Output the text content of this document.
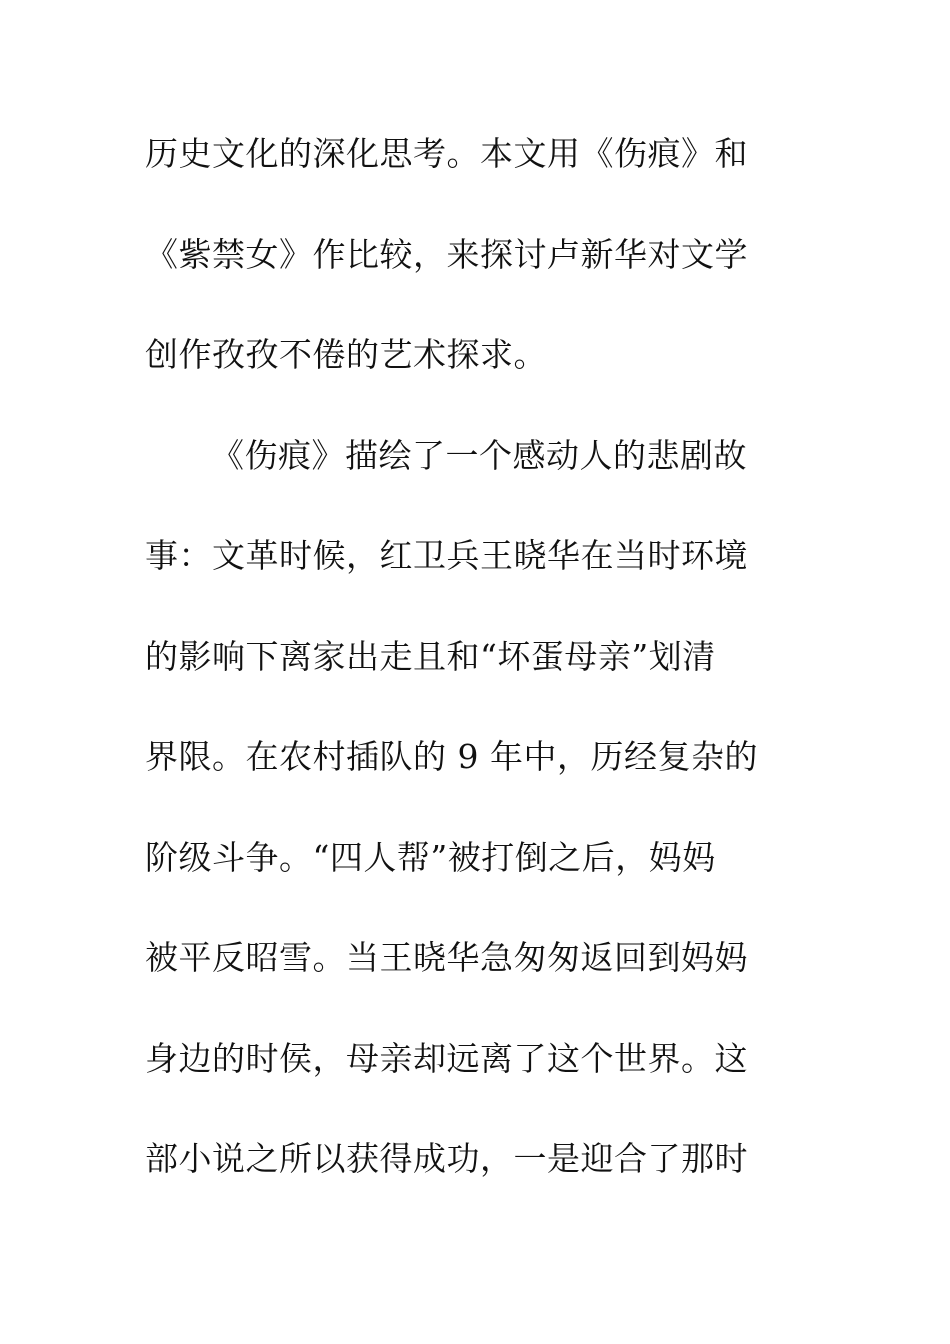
历史文化的深化思考。本文用《伤痕》和
《紫禁女》作比较，来探讨卢新华对文学
创作孜孜不倦的艺术探求。
《伤痕》描绘了一个感动人的悲剧故
事：文革时候，红卫兵王晓华在当时环境
的影响下离家出走且和“坏蛋母亲”划清
界限。在农村插队的 9 年中，历经复杂的
阶级斗争。“四人帮”被打倒之后，妈妈
被平反昭雪。当王晓华急匆匆返回到妈妈
身边的时侯，母亲却远离了这个世界。这
部小说之所以获得成功，一是迎合了那时
